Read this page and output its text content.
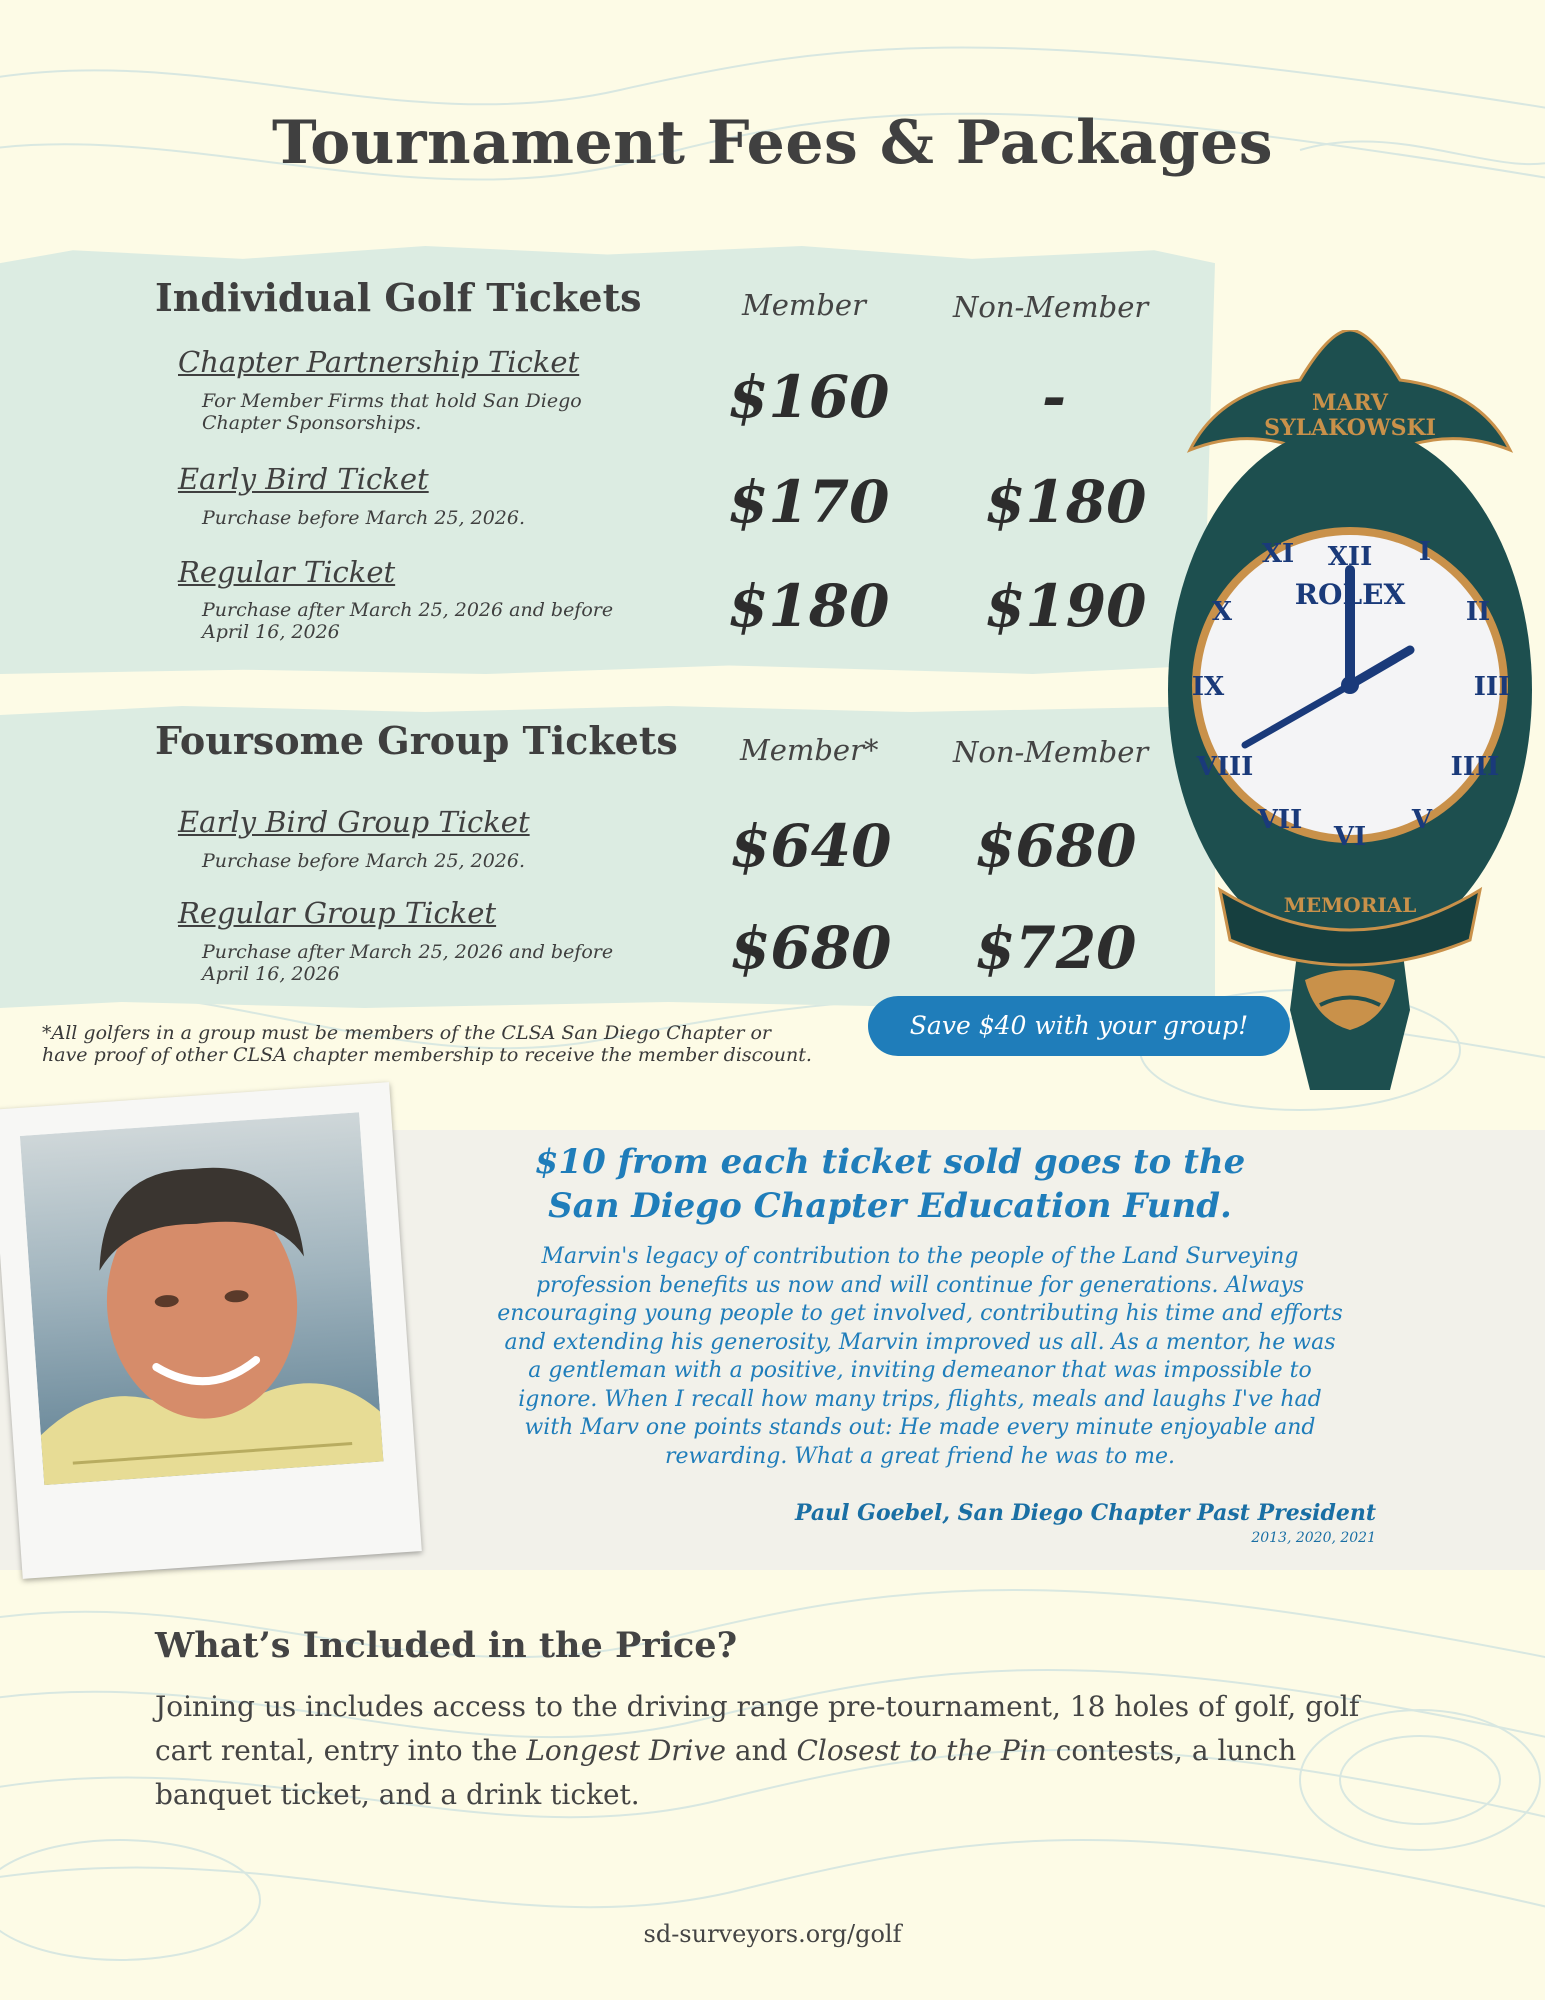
Tournament Fees & Packages
Individual Golf Tickets	Member	Non-Member
Chapter Partnership Ticket
For Member Firms that hold San Diego
Chapter Sponsorships.	$160	-
Early Bird Ticket
Purchase before March 25, 2026.	$170 $180
Regular Ticket
Purchase after March 25, 2026 and before
April 16, 2026	$180 $190
Foursome Group Tickets Member*	Non-Member
Early Bird Group Ticket
Purchase before March 25, 2026.	$640 $680
Regular Group Ticket
Purchase after March 25, 2026 and before
April 16, 2026	$680 $720
*All golfers in a group must be members of the CLSA San Diego Chapter or
have proof of other CLSA chapter membership to receive the member discount.
Save $40 with your group!
XII I
II
III
IIII
V
VI
VII
VIII
IX
X
XI
MARV
SYLAKOWSKI
ROLEX
MEMORIAL
$10 from each ticket sold goes to the
San Diego Chapter Education Fund.
Marvin's legacy of contribution to the people of the Land Surveying
profession benefits us now and will continue for generations. Always
encouraging young people to get involved, contributing his time and efforts
and extending his generosity, Marvin improved us all. As a mentor, he was
a gentleman with a positive, inviting demeanor that was impossible to
ignore. When I recall how many trips, flights, meals and laughs I've had
with Marv one points stands out: He made every minute enjoyable and
rewarding. What a great friend he was to me.
Paul Goebel, San Diego Chapter Past President
2013, 2020, 2021
What’s Included in the Price?
Joining us includes access to the driving range pre-tournament, 18 holes of golf, golf cart rental, entry into the Longest Drive and Closest to the Pin contests, a lunch banquet ticket, and a drink ticket.
sd-surveyors.org/golf
